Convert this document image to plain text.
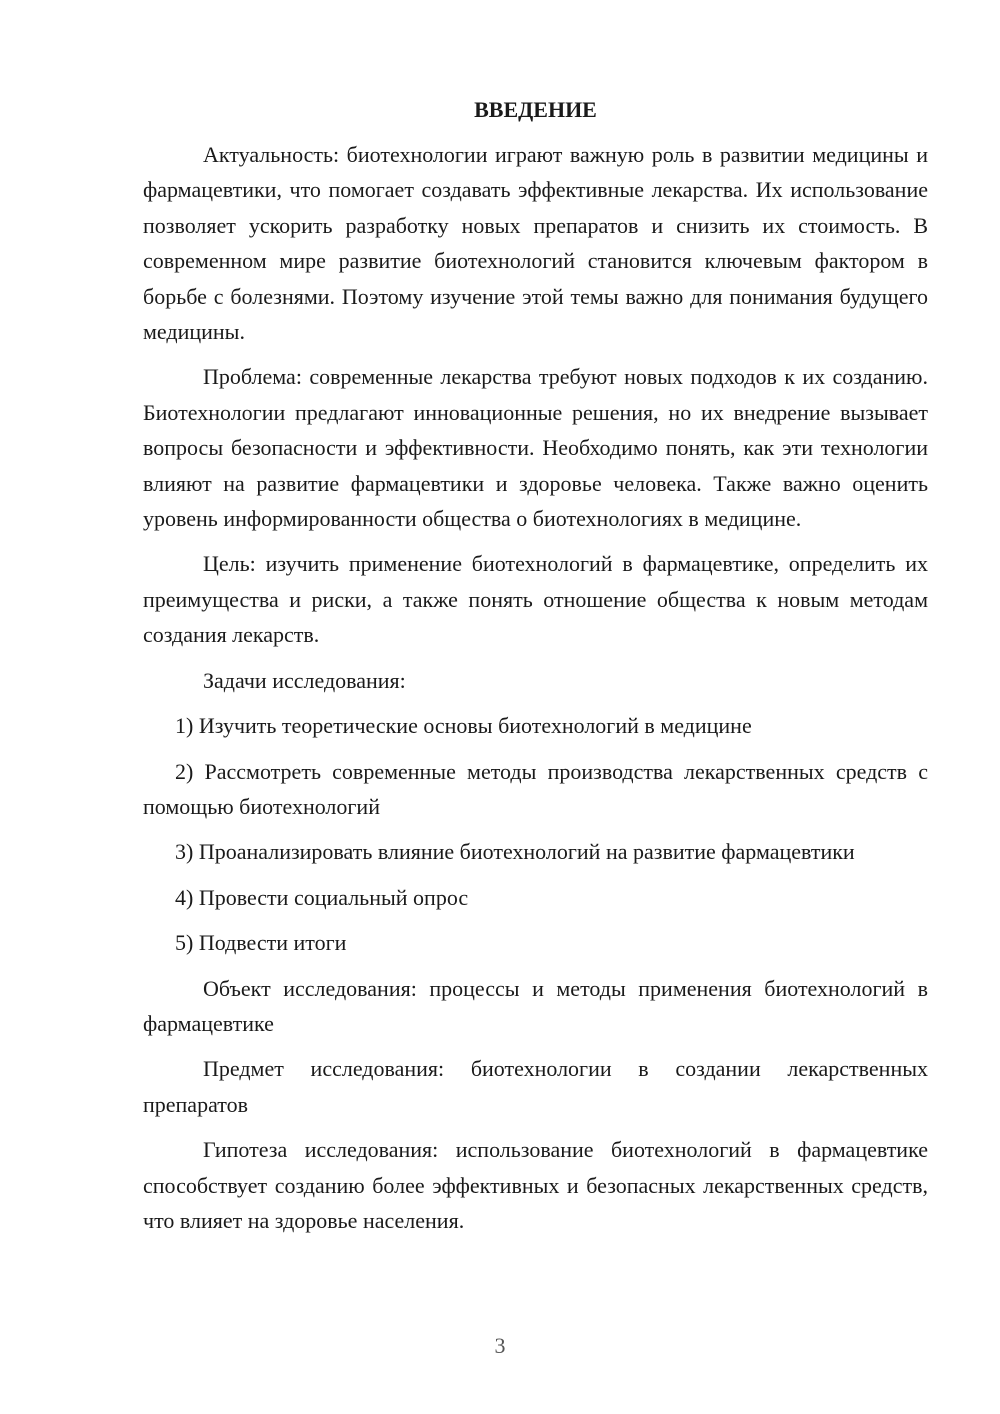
ВВЕДЕНИЕ

Актуальность: биотехнологии играют важную роль в развитии медицины и фармацевтики, что помогает создавать эффективные лекарства. Их использование позволяет ускорить разработку новых препаратов и снизить их стоимость. В современном мире развитие биотехнологий становится ключевым фактором в борьбе с болезнями. Поэтому изучение этой темы важно для понимания будущего медицины.

Проблема: современные лекарства требуют новых подходов к их созданию. Биотехнологии предлагают инновационные решения, но их внедрение вызывает вопросы безопасности и эффективности. Необходимо понять, как эти технологии влияют на развитие фармацевтики и здоровье человека. Также важно оценить уровень информированности общества о биотехнологиях в медицине.

Цель: изучить применение биотехнологий в фармацевтике, определить их преимущества и риски, а также понять отношение общества к новым методам создания лекарств.

Задачи исследования:

1) Изучить теоретические основы биотехнологий в медицине

2) Рассмотреть современные методы производства лекарственных средств с помощью биотехнологий

3) Проанализировать влияние биотехнологий на развитие фармацевтики

4) Провести социальный опрос

5) Подвести итоги

Объект исследования: процессы и методы применения биотехнологий в фармацевтике

Предмет исследования: биотехнологии в создании лекарственных препаратов

Гипотеза исследования: использование биотехнологий в фармацевтике способствует созданию более эффективных и безопасных лекарственных средств, что влияет на здоровье населения.

3
